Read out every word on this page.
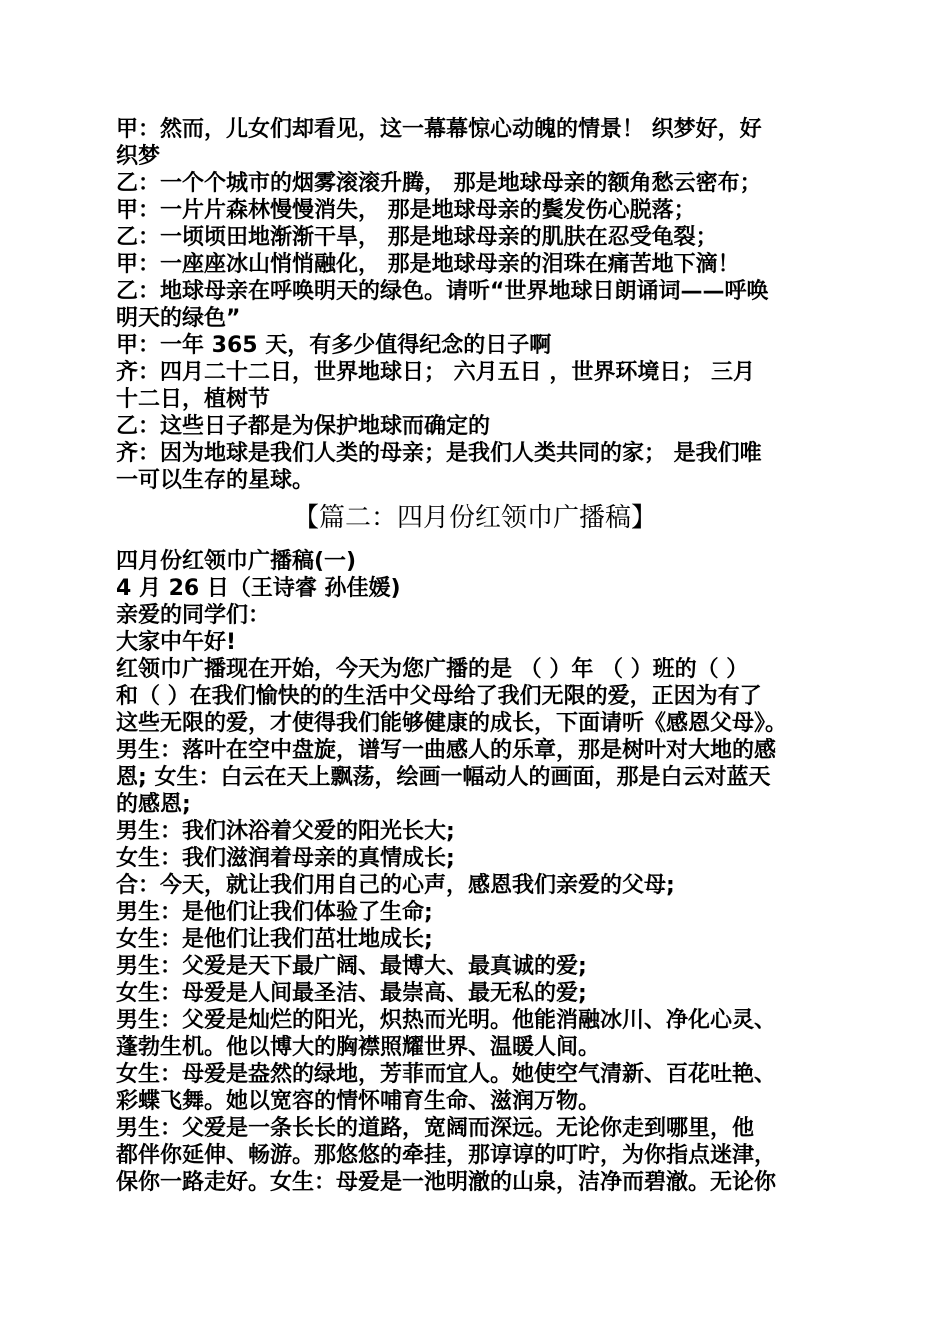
甲：然而，儿女们却看见，这一幕幕惊心动魄的情景！ 织梦好，好
织梦
乙：一个个城市的烟雾滚滚升腾， 那是地球母亲的额角愁云密布；
甲：一片片森林慢慢消失， 那是地球母亲的鬓发伤心脱落；
乙：一顷顷田地渐渐干旱， 那是地球母亲的肌肤在忍受龟裂；
甲：一座座冰山悄悄融化， 那是地球母亲的泪珠在痛苦地下滴！
乙：地球母亲在呼唤明天的绿色。请听“世界地球日朗诵词——呼唤
明天的绿色”
甲：一年 365 天，有多少值得纪念的日子啊
齐：四月二十二日，世界地球日； 六月五日 ，世界环境日； 三月
十二日，植树节
乙：这些日子都是为保护地球而确定的
齐：因为地球是我们人类的母亲；是我们人类共同的家； 是我们唯
一可以生存的星球。
【篇二：四月份红领巾广播稿】
四月份红领巾广播稿(一)
4 月 26 日（王诗睿 孙佳媛)
亲爱的同学们：
大家中午好!
红领巾广播现在开始，今天为您广播的是 （ ）年 （ ）班的（ ）
和（ ）在我们愉快的的生活中父母给了我们无限的爱，正因为有了
这些无限的爱，才使得我们能够健康的成长，下面请听《感恩父母》。
男生：落叶在空中盘旋，谱写一曲感人的乐章，那是树叶对大地的感
恩; 女生：白云在天上飘荡，绘画一幅动人的画面，那是白云对蓝天
的感恩;
男生：我们沐浴着父爱的阳光长大;
女生：我们滋润着母亲的真情成长;
合：今天，就让我们用自己的心声，感恩我们亲爱的父母;
男生：是他们让我们体验了生命;
女生：是他们让我们茁壮地成长;
男生：父爱是天下最广阔、最博大、最真诚的爱;
女生：母爱是人间最圣洁、最崇高、最无私的爱;
男生：父爱是灿烂的阳光，炽热而光明。他能消融冰川、净化心灵、
蓬勃生机。他以博大的胸襟照耀世界、温暖人间。
女生：母爱是盎然的绿地，芳菲而宜人。她使空气清新、百花吐艳、
彩蝶飞舞。她以宽容的情怀哺育生命、滋润万物。
男生：父爱是一条长长的道路，宽阔而深远。无论你走到哪里，他
都伴你延伸、畅游。那悠悠的牵挂，那谆谆的叮咛，为你指点迷津，
保你一路走好。女生：母爱是一池明澈的山泉，洁净而碧澈。无论你
